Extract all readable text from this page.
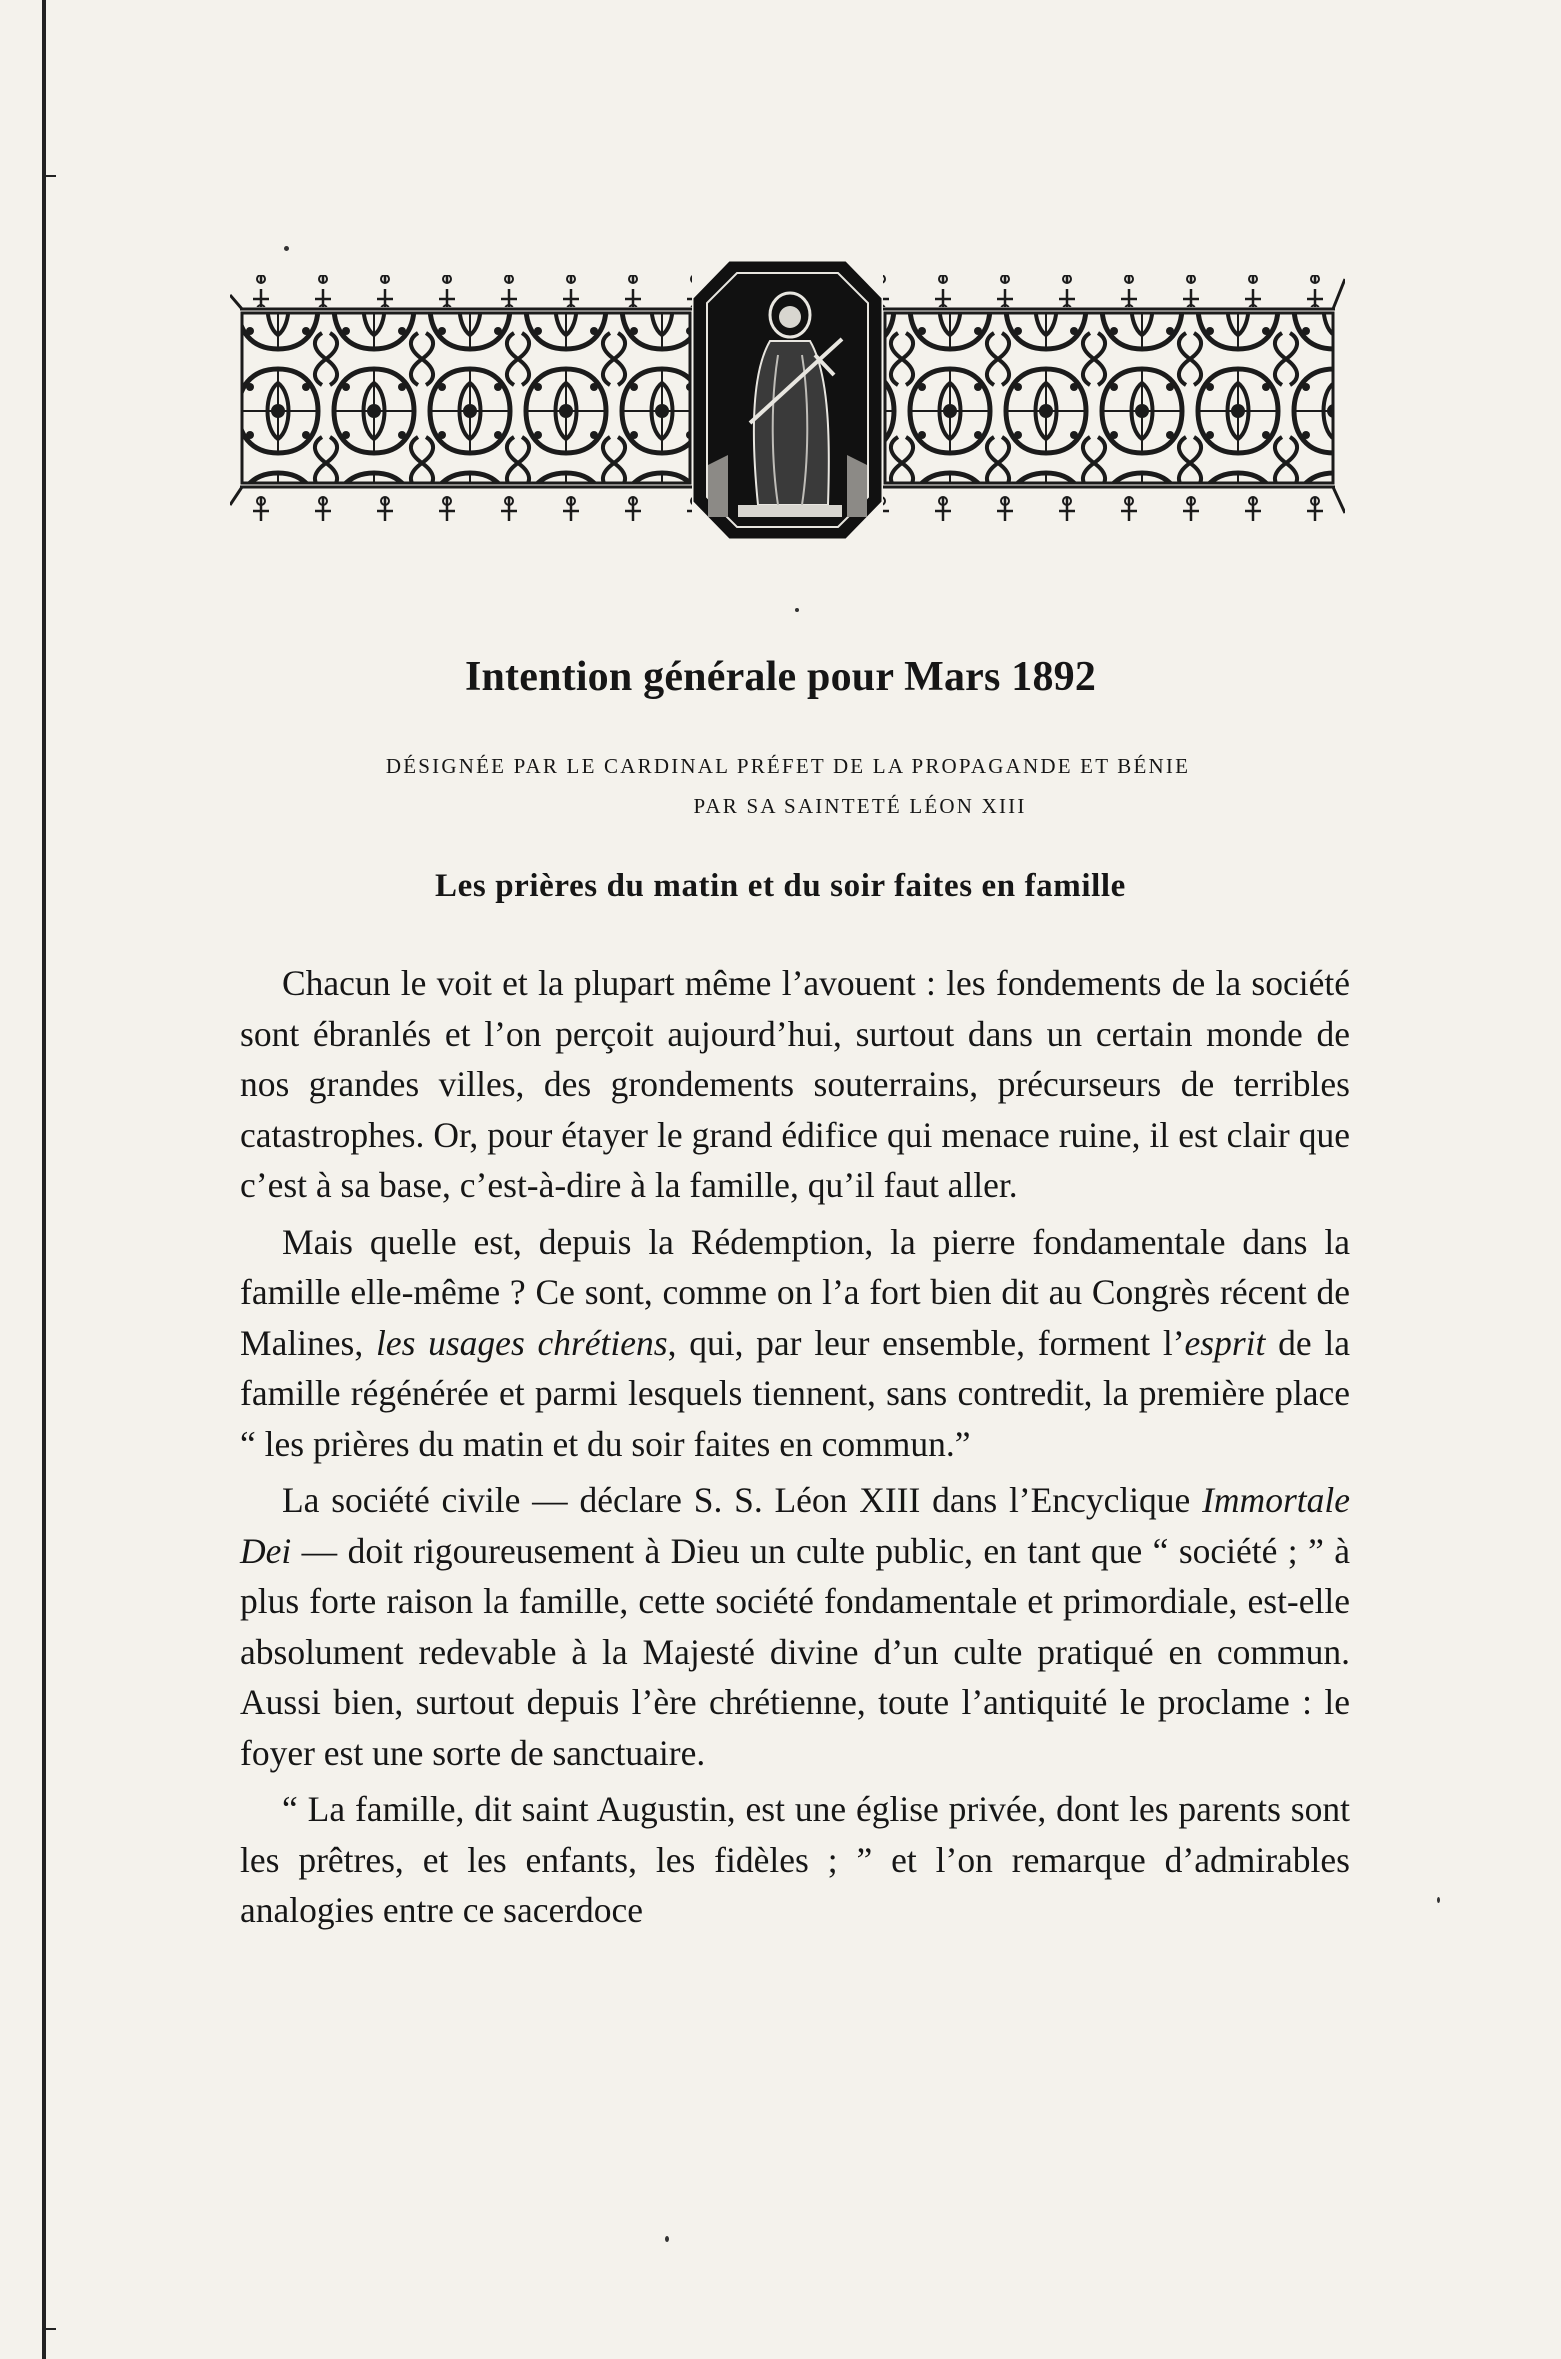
Intention générale pour Mars 1892

DÉSIGNÉE PAR LE CARDINAL PRÉFET DE LA PROPAGANDE ET BÉNIE

PAR SA SAINTETÉ LÉON XIII

Les prières du matin et du soir faites en famille

Chacun le voit et la plupart même l’avouent : les fondements de la société sont ébranlés et l’on perçoit aujourd’hui, surtout dans un certain monde de nos grandes villes, des grondements souterrains, précurseurs de terribles catastrophes. Or, pour étayer le grand édifice qui menace ruine, il est clair que c’est à sa base, c’est-à-dire à la famille, qu’il faut aller.

Mais quelle est, depuis la Rédemption, la pierre fondamentale dans la famille elle-même ? Ce sont, comme on l’a fort bien dit au Congrès récent de Malines, les usages chrétiens, qui, par leur ensemble, forment l’esprit de la famille régénérée et parmi lesquels tiennent, sans contredit, la première place “ les prières du matin et du soir faites en commun.”

La société civile — déclare S. S. Léon XIII dans l’Encyclique Immortale Dei — doit rigoureusement à Dieu un culte public, en tant que “ société ; ” à plus forte raison la famille, cette société fondamentale et primordiale, est-elle absolument redevable à la Majesté divine d’un culte pratiqué en commun. Aussi bien, surtout depuis l’ère chrétienne, toute l’antiquité le proclame : le foyer est une sorte de sanctuaire.

“ La famille, dit saint Augustin, est une église privée, dont les parents sont les prêtres, et les enfants, les fidèles ; ” et l’on remarque d’admirables analogies entre ce sacerdoce
